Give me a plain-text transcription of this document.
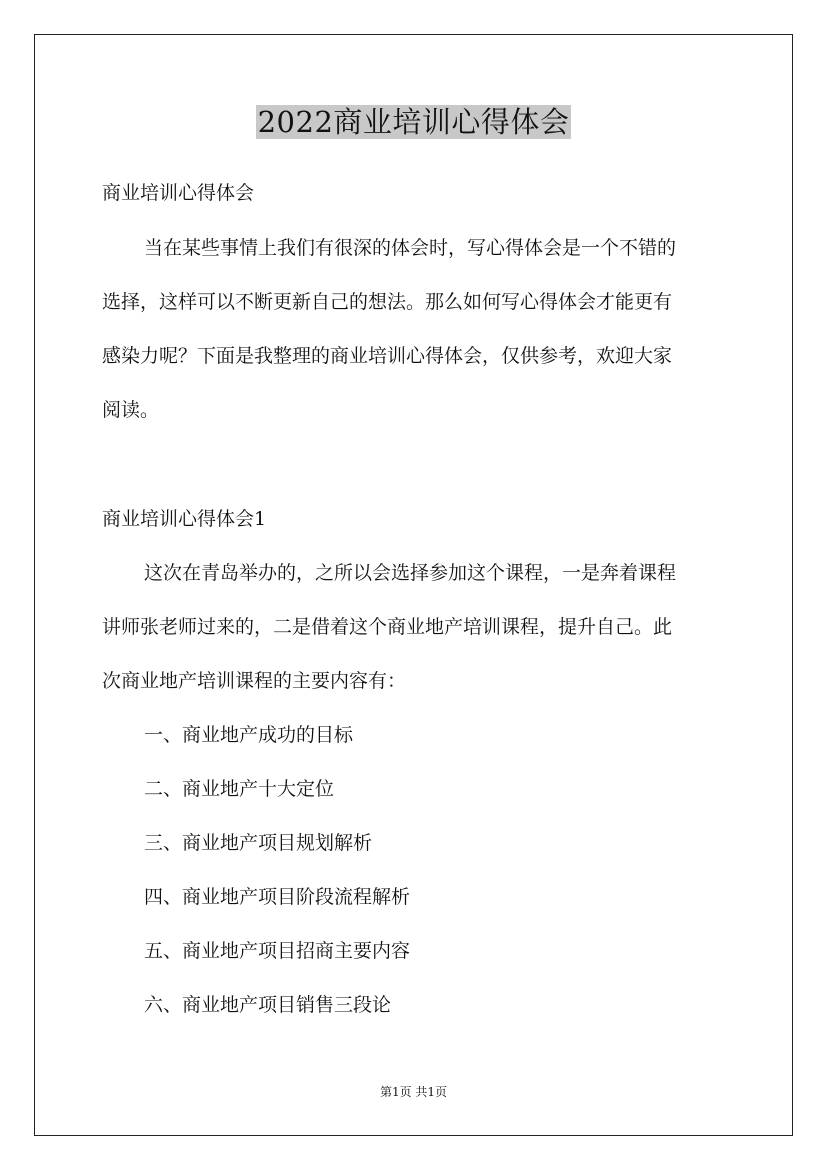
2022商业培训心得体会
商业培训心得体会
当在某些事情上我们有很深的体会时，写心得体会是一个不错的
选择，这样可以不断更新自己的想法。那么如何写心得体会才能更有
感染力呢？下面是我整理的商业培训心得体会，仅供参考，欢迎大家
阅读。
商业培训心得体会1
这次在青岛举办的，之所以会选择参加这个课程，一是奔着课程
讲师张老师过来的，二是借着这个商业地产培训课程，提升自己。此
次商业地产培训课程的主要内容有：
一、商业地产成功的目标
二、商业地产十大定位
三、商业地产项目规划解析
四、商业地产项目阶段流程解析
五、商业地产项目招商主要内容
六、商业地产项目销售三段论
第1页 共1页
